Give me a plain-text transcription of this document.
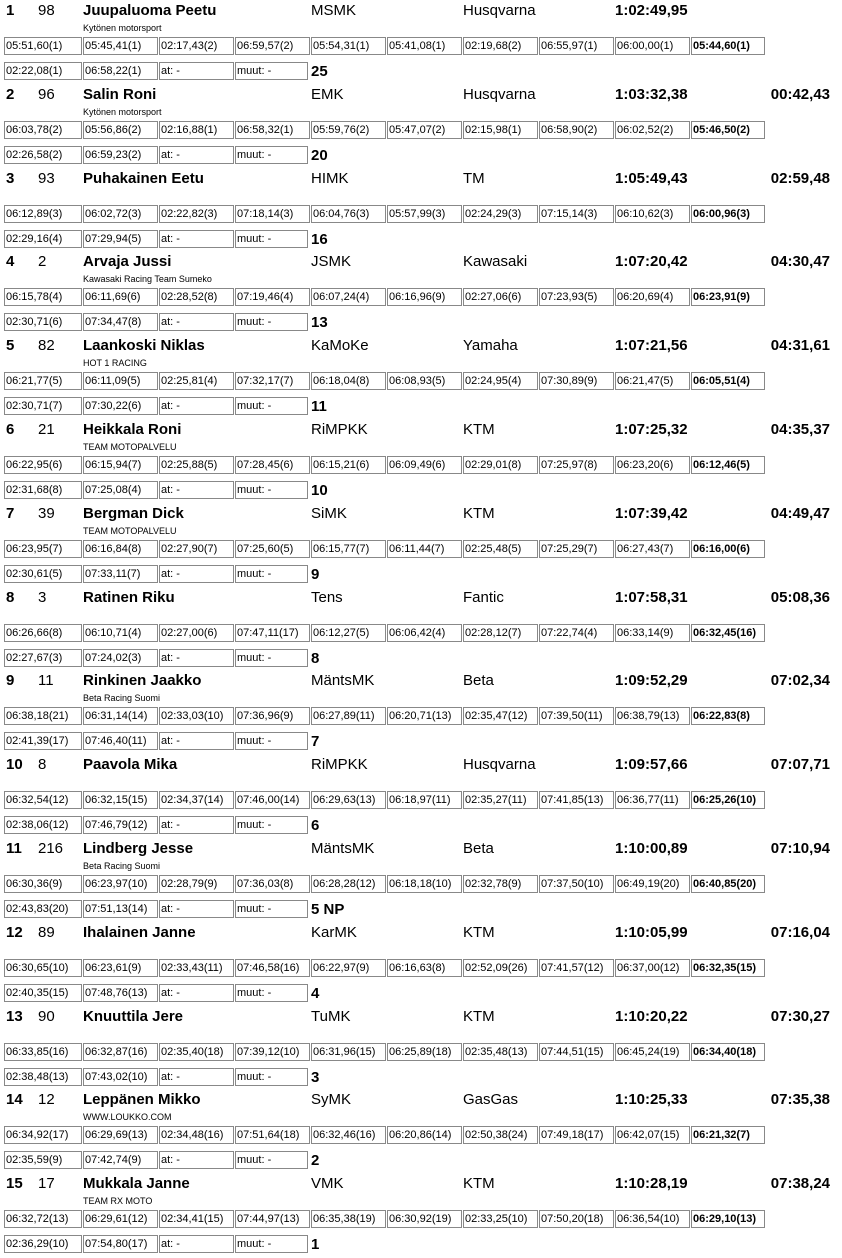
1 98 Juupaluoma Peetu	MSMK	Husqvarna	1:02:49,95
Kytönen motorsport
05:51,60(1)	05:45,41(1)	02:17,43(2)	06:59,57(2)	05:54,31(1)	05:41,08(1)	02:19,68(2)	06:55,97(1)	06:00,00(1)	05:44,60(1)
02:22,08(1)	06:58,22(1)	at: -	muut: -	25
2 96 Salin Roni	EMK	Husqvarna	1:03:32,38	00:42,43
Kytönen motorsport
06:03,78(2)	05:56,86(2)	02:16,88(1)	06:58,32(1)	05:59,76(2)	05:47,07(2)	02:15,98(1)	06:58,90(2)	06:02,52(2)	05:46,50(2)
02:26,58(2)	06:59,23(2)	at: -	muut: -	20
3 93 Puhakainen Eetu	HIMK	TM	1:05:49,43	02:59,48
06:12,89(3)	06:02,72(3)	02:22,82(3)	07:18,14(3)	06:04,76(3)	05:57,99(3)	02:24,29(3)	07:15,14(3)	06:10,62(3)	06:00,96(3)
02:29,16(4)	07:29,94(5)	at: -	muut: -	16
4 2 Arvaja Jussi	JSMK	Kawasaki	1:07:20,42	04:30,47
Kawasaki Racing Team Sumeko
06:15,78(4)	06:11,69(6)	02:28,52(8)	07:19,46(4)	06:07,24(4)	06:16,96(9)	02:27,06(6)	07:23,93(5)	06:20,69(4)	06:23,91(9)
02:30,71(6)	07:34,47(8)	at: -	muut: -	13
5 82 Laankoski Niklas	KaMoKe	Yamaha	1:07:21,56	04:31,61
HOT 1 RACING
06:21,77(5)	06:11,09(5)	02:25,81(4)	07:32,17(7)	06:18,04(8)	06:08,93(5)	02:24,95(4)	07:30,89(9)	06:21,47(5)	06:05,51(4)
02:30,71(7)	07:30,22(6)	at: -	muut: -	11
6 21 Heikkala Roni	RiMPKK	KTM	1:07:25,32	04:35,37
TEAM MOTOPALVELU
06:22,95(6)	06:15,94(7)	02:25,88(5)	07:28,45(6)	06:15,21(6)	06:09,49(6)	02:29,01(8)	07:25,97(8)	06:23,20(6)	06:12,46(5)
02:31,68(8)	07:25,08(4)	at: -	muut: -	10
7 39 Bergman Dick	SiMK	KTM	1:07:39,42	04:49,47
TEAM MOTOPALVELU
06:23,95(7)	06:16,84(8)	02:27,90(7)	07:25,60(5)	06:15,77(7)	06:11,44(7)	02:25,48(5)	07:25,29(7)	06:27,43(7)	06:16,00(6)
02:30,61(5)	07:33,11(7)	at: -	muut: -	9
8 3 Ratinen Riku	Tens	Fantic	1:07:58,31	05:08,36
06:26,66(8)	06:10,71(4)	02:27,00(6)	07:47,11(17)	06:12,27(5)	06:06,42(4)	02:28,12(7)	07:22,74(4)	06:33,14(9)	06:32,45(16)
02:27,67(3)	07:24,02(3)	at: -	muut: -	8
9 11 Rinkinen Jaakko	MäntsMK	Beta	1:09:52,29	07:02,34
Beta Racing Suomi
06:38,18(21)	06:31,14(14)	02:33,03(10)	07:36,96(9)	06:27,89(11)	06:20,71(13)	02:35,47(12)	07:39,50(11)	06:38,79(13)	06:22,83(8)
02:41,39(17)	07:46,40(11)	at: -	muut: -	7
10 8 Paavola Mika	RiMPKK	Husqvarna	1:09:57,66	07:07,71
06:32,54(12)	06:32,15(15)	02:34,37(14)	07:46,00(14)	06:29,63(13)	06:18,97(11)	02:35,27(11)	07:41,85(13)	06:36,77(11)	06:25,26(10)
02:38,06(12)	07:46,79(12)	at: -	muut: -	6
11 216 Lindberg Jesse	MäntsMK	Beta	1:10:00,89	07:10,94
Beta Racing Suomi
06:30,36(9)	06:23,97(10)	02:28,79(9)	07:36,03(8)	06:28,28(12)	06:18,18(10)	02:32,78(9)	07:37,50(10)	06:49,19(20)	06:40,85(20)
02:43,83(20)	07:51,13(14)	at: -	muut: -	5 NP
12 89 Ihalainen Janne	KarMK	KTM	1:10:05,99	07:16,04
06:30,65(10)	06:23,61(9)	02:33,43(11)	07:46,58(16)	06:22,97(9)	06:16,63(8)	02:52,09(26)	07:41,57(12)	06:37,00(12)	06:32,35(15)
02:40,35(15)	07:48,76(13)	at: -	muut: -	4
13 90 Knuuttila Jere	TuMK	KTM	1:10:20,22	07:30,27
06:33,85(16)	06:32,87(16)	02:35,40(18)	07:39,12(10)	06:31,96(15)	06:25,89(18)	02:35,48(13)	07:44,51(15)	06:45,24(19)	06:34,40(18)
02:38,48(13)	07:43,02(10)	at: -	muut: -	3
14 12 Leppänen Mikko	SyMK	GasGas	1:10:25,33	07:35,38
WWW.LOUKKO.COM
06:34,92(17)	06:29,69(13)	02:34,48(16)	07:51,64(18)	06:32,46(16)	06:20,86(14)	02:50,38(24)	07:49,18(17)	06:42,07(15)	06:21,32(7)
02:35,59(9)	07:42,74(9)	at: -	muut: -	2
15 17 Mukkala Janne	VMK	KTM	1:10:28,19	07:38,24
TEAM RX MOTO
06:32,72(13)	06:29,61(12)	02:34,41(15)	07:44,97(13)	06:35,38(19)	06:30,92(19)	02:33,25(10)	07:50,20(18)	06:36,54(10)	06:29,10(13)
02:36,29(10)	07:54,80(17)	at: -	muut: -	1
